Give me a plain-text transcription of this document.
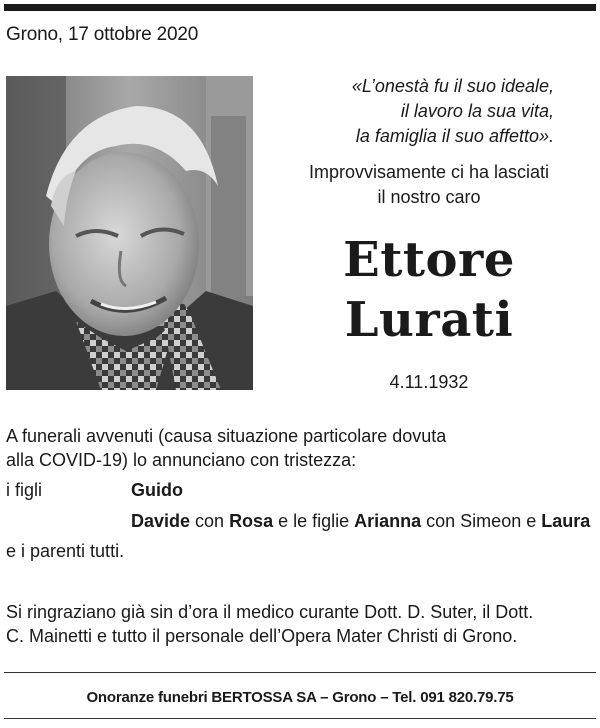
Grono, 17 ottobre 2020
«L’onestà fu il suo ideale,
il lavoro la sua vita,
la famiglia il suo affetto».
Improvvisamente ci ha lasciati
il nostro caro
Ettore
Lurati
4.11.1932
A funerali avvenuti (causa situazione particolare dovuta
alla COVID-19) lo annunciano con tristezza:
i figli	Guido
Davide con Rosa e le figlie Arianna con Simeon e Laura
e i parenti tutti.
Si ringraziano già sin d’ora il medico curante Dott. D. Suter, il Dott.
C. Mainetti e tutto il personale dell’Opera Mater Christi di Grono.
Onoranze funebri BERTOSSA SA – Grono – Tel. 091 820.79.75
